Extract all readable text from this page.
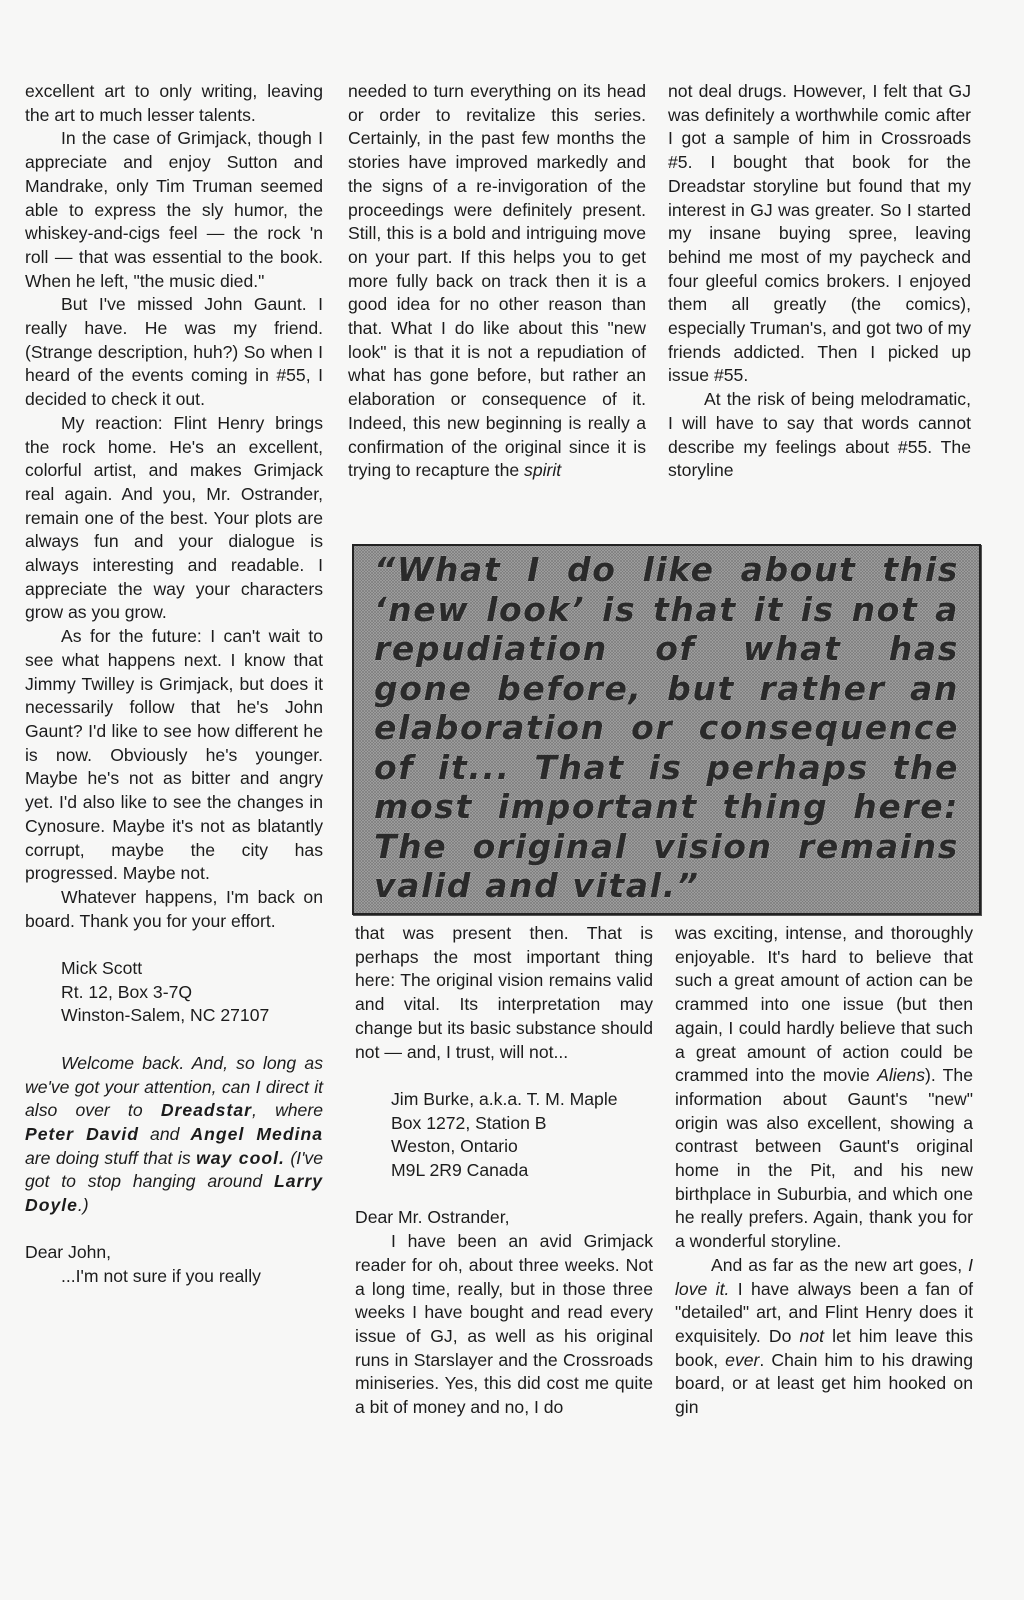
excellent art to only writing, leaving the art to much lesser talents.

In the case of Grimjack, though I appreciate and enjoy Sutton and Mandrake, only Tim Truman seemed able to express the sly humor, the whiskey-and-cigs feel — the rock 'n roll — that was essential to the book. When he left, "the music died."

But I've missed John Gaunt. I really have. He was my friend. (Strange description, huh?) So when I heard of the events coming in #55, I decided to check it out.

My reaction: Flint Henry brings the rock home. He's an excellent, colorful artist, and makes Grimjack real again. And you, Mr. Ostrander, remain one of the best. Your plots are always fun and your dialogue is always interesting and readable. I appreciate the way your characters grow as you grow.

As for the future: I can't wait to see what happens next. I know that Jimmy Twilley is Grimjack, but does it necessarily follow that he's John Gaunt? I'd like to see how different he is now. Obviously he's younger. Maybe he's not as bitter and angry yet. I'd also like to see the changes in Cynosure. Maybe it's not as blatantly corrupt, maybe the city has progressed. Maybe not.

Whatever happens, I'm back on board. Thank you for your effort.

Mick Scott

Rt. 12, Box 3-7Q

Winston-Salem, NC 27107

Welcome back. And, so long as we've got your attention, can I direct it also over to Dreadstar, where Peter David and Angel Medina are doing stuff that is way cool. (I've got to stop hanging around Larry Doyle.)

Dear John,

...I'm not sure if you really

needed to turn everything on its head or order to revitalize this series. Certainly, in the past few months the stories have improved markedly and the signs of a re-invigoration of the proceedings were definitely present. Still, this is a bold and intriguing move on your part. If this helps you to get more fully back on track then it is a good idea for no other reason than that. What I do like about this "new look" is that it is not a repudiation of what has gone before, but rather an elaboration or consequence of it. Indeed, this new beginning is really a confirmation of the original since it is trying to recapture the spirit

not deal drugs. However, I felt that GJ was definitely a worthwhile comic after I got a sample of him in Crossroads #5. I bought that book for the Dreadstar storyline but found that my interest in GJ was greater. So I started my insane buying spree, leaving behind me most of my paycheck and four gleeful comics brokers. I enjoyed them all greatly (the comics), especially Truman's, and got two of my friends addicted. Then I picked up issue #55.

At the risk of being melodramatic, I will have to say that words cannot describe my feelings about #55. The storyline

“What I do like about this ‘new look’ is that it is not a repudiation of what has gone before, but rather an elaboration or consequence of it... That is perhaps the most important thing here: The original vision remains valid and vital.”

that was present then. That is perhaps the most important thing here: The original vision remains valid and vital. Its interpretation may change but its basic substance should not — and, I trust, will not...

Jim Burke, a.k.a. T. M. Maple

Box 1272, Station B

Weston, Ontario

M9L 2R9 Canada

Dear Mr. Ostrander,

I have been an avid Grimjack reader for oh, about three weeks. Not a long time, really, but in those three weeks I have bought and read every issue of GJ, as well as his original runs in Starslayer and the Crossroads miniseries. Yes, this did cost me quite a bit of money and no, I do

was exciting, intense, and thoroughly enjoyable. It's hard to believe that such a great amount of action can be crammed into one issue (but then again, I could hardly believe that such a great amount of action could be crammed into the movie Aliens). The information about Gaunt's "new" origin was also excellent, showing a contrast between Gaunt's original home in the Pit, and his new birthplace in Suburbia, and which one he really prefers. Again, thank you for a wonderful storyline.

And as far as the new art goes, I love it. I have always been a fan of "detailed" art, and Flint Henry does it exquisitely. Do not let him leave this book, ever. Chain him to his drawing board, or at least get him hooked on gin
